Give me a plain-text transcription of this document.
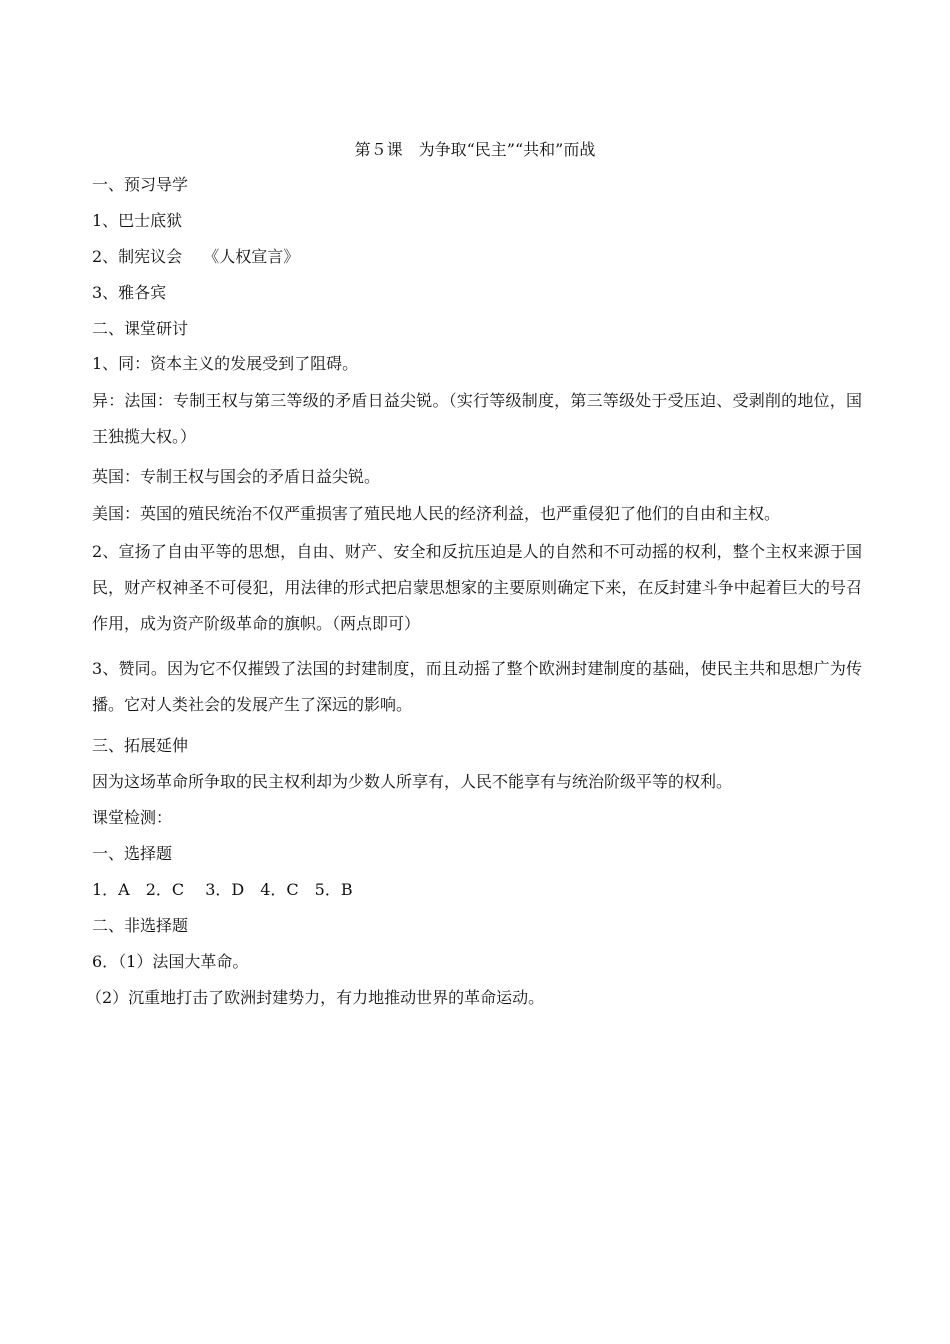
第５课　为争取“民主”“共和”而战
一、预习导学
1、巴士底狱
2、制宪议会　 《人权宣言》
3、雅各宾
二、课堂研讨
1、同：资本主义的发展受到了阻碍。
异：法国：专制王权与第三等级的矛盾日益尖锐。（实行等级制度，第三等级处于受压迫、受剥削的地位，国王独揽大权。）
英国：专制王权与国会的矛盾日益尖锐。
美国：英国的殖民统治不仅严重损害了殖民地人民的经济利益，也严重侵犯了他们的自由和主权。
2、宣扬了自由平等的思想，自由、财产、安全和反抗压迫是人的自然和不可动摇的权利，整个主权来源于国民，财产权神圣不可侵犯，用法律的形式把启蒙思想家的主要原则确定下来，在反封建斗争中起着巨大的号召作用，成为资产阶级革命的旗帜。（两点即可）
3、赞同。因为它不仅摧毁了法国的封建制度，而且动摇了整个欧洲封建制度的基础，使民主共和思想广为传播。它对人类社会的发展产生了深远的影响。
三、拓展延伸
因为这场革命所争取的民主权利却为少数人所享有，人民不能享有与统治阶级平等的权利。
课堂检测：
一、选择题
1．A　2．C　 3．D　4．C　5．B
二、非选择题
6．（1）法国大革命。
（2）沉重地打击了欧洲封建势力，有力地推动世界的革命运动。
